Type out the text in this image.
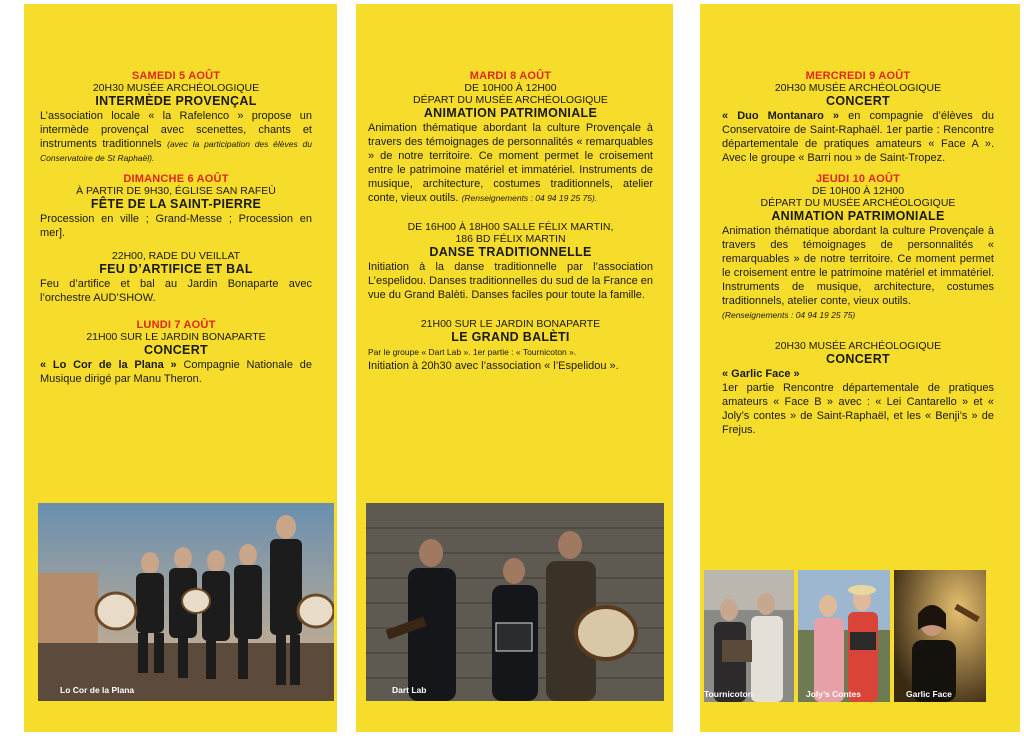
SAMEDI 5 AOÛT
20H30 MUSÉE ARCHÉOLOGIQUE
INTERMÈDE PROVENÇAL
L’association locale « la Rafelenco » propose un intermède provençal avec scenettes, chants et instruments traditionnels (avec la participation des élèves du Conservatoire de St Raphaël).
DIMANCHE 6 AOÛT
À PARTIR DE 9H30, ÉGLISE SAN RAFEÙ
FÊTE DE LA SAINT-PIERRE
Procession en ville ; Grand-Messe ; Procession en mer].
22H00, RADE DU VEILLAT
FEU D’ARTIFICE ET BAL
Feu d’artifice et bal au Jardin Bonaparte avec l’orchestre AUD’SHOW.
LUNDI 7 AOÛT
21H00 SUR LE JARDIN BONAPARTE
CONCERT
« Lo Cor de la Plana » Compagnie Nationale de Musique dirigé par Manu Theron.
MARDI 8 AOÛT
DE 10H00 À 12H00
DÉPART DU MUSÉE ARCHÉOLOGIQUE
ANIMATION PATRIMONIALE
Animation thématique abordant la culture Provençale à travers des témoignages de personnalités « remarquables » de notre territoire. Ce moment permet le croisement entre le patrimoine matériel et immatériel. Instruments de musique, architecture, costumes traditionnels, atelier conte, vieux outils. (Renseignements : 04 94 19 25 75).
DE 16H00 À 18H00 SALLE FÉLIX MARTIN,
186 BD FÉLIX MARTIN
DANSE TRADITIONNELLE
Initiation à la danse traditionnelle par l’association L’espelidou. Danses traditionnelles du sud de la France en vue du Grand Balèti. Danses faciles pour toute la famille.
21H00 SUR LE JARDIN BONAPARTE
LE GRAND BALÈTI
Par le groupe « Dart Lab ». 1er partie : « Tournicoton ».
Initiation à 20h30 avec l’association « l’Espelidou ».
MERCREDI 9 AOÛT
20H30 MUSÉE ARCHÉOLOGIQUE
CONCERT
« Duo Montanaro » en compagnie d’élèves du Conservatoire de Saint-Raphaël. 1er partie : Rencontre départementale de pratiques amateurs « Face A ». Avec le groupe « Barri nou » de Saint-Tropez.
JEUDI 10 AOÛT
DE 10H00 À 12H00
DÉPART DU MUSÉE ARCHÉOLOGIQUE
ANIMATION PATRIMONIALE
Animation thématique abordant la culture Provençale à travers des témoignages de personnalités « remarquables » de notre territoire. Ce moment permet le croisement entre le patrimoine matériel et immatériel. Instruments de musique, architecture, costumes traditionnels, atelier conte, vieux outils.
(Renseignements : 04 94 19 25 75)
20H30 MUSÉE ARCHÉOLOGIQUE
CONCERT
« Garlic Face »
1er partie Rencontre départementale de pratiques amateurs « Face B » avec : « Lei Cantarello » et « Joly’s contes » de Saint-Raphaël, et les « Benji’s » de Frejus.
Lo Cor de la Plana	Dart Lab	Tournicoton	Joly’s Contes	Garlic Face
